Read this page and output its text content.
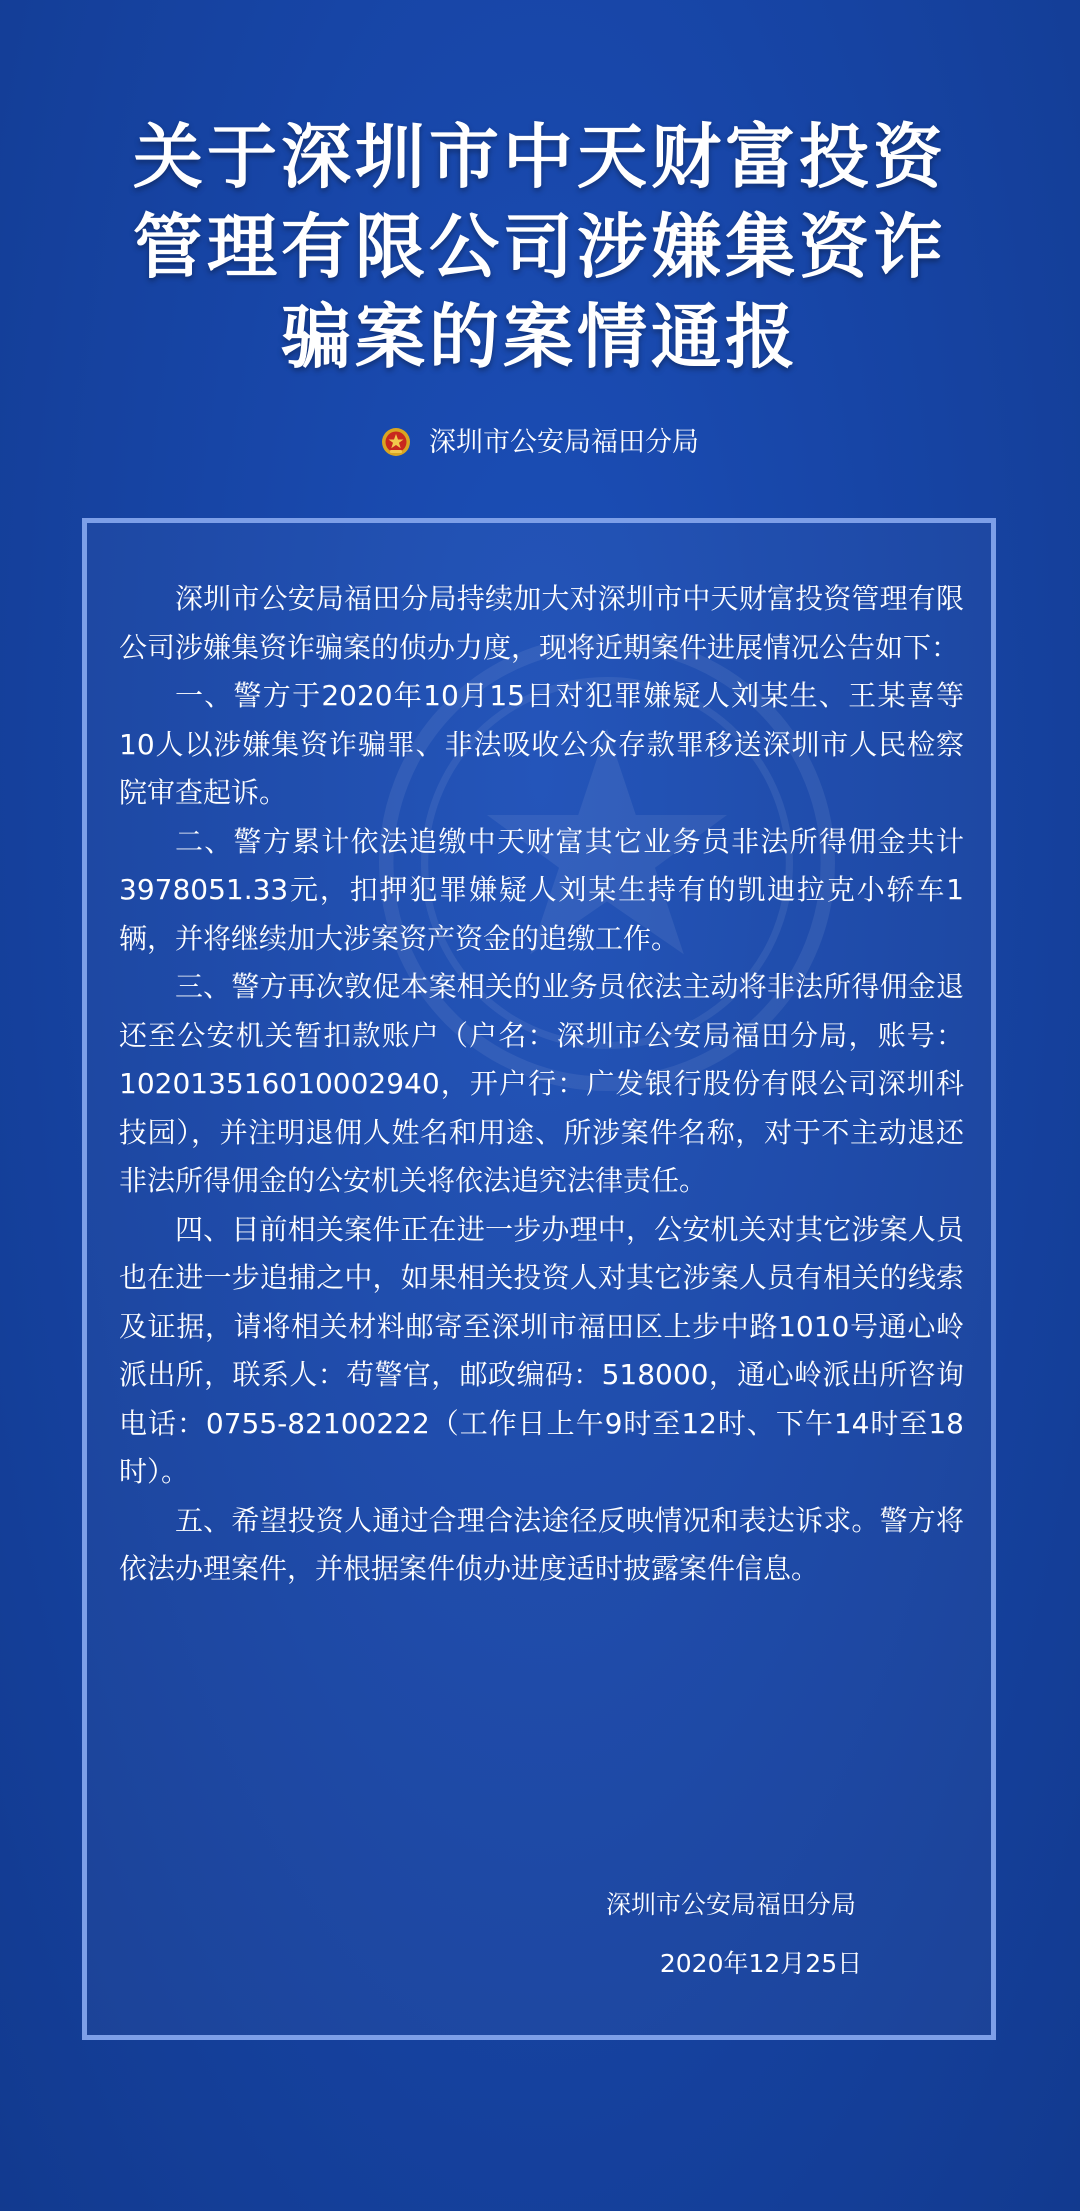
关于深圳市中天财富投资
管理有限公司涉嫌集资诈
骗案的案情通报
深圳市公安局福田分局

深圳市公安局福田分局持续加大对深圳市中天财富投资管理有限公司涉嫌集资诈骗案的侦办力度，现将近期案件进展情况公告如下：

一、警方于2020年10月15日对犯罪嫌疑人刘某生、王某喜等10人以涉嫌集资诈骗罪、非法吸收公众存款罪移送深圳市人民检察院审查起诉。

二、警方累计依法追缴中天财富其它业务员非法所得佣金共计3978051.33元，扣押犯罪嫌疑人刘某生持有的凯迪拉克小轿车1辆，并将继续加大涉案资产资金的追缴工作。

三、警方再次敦促本案相关的业务员依法主动将非法所得佣金退还至公安机关暂扣款账户（户名：深圳市公安局福田分局，账号：102013516010002940，开户行：广发银行股份有限公司深圳科技园），并注明退佣人姓名和用途、所涉案件名称，对于不主动退还非法所得佣金的公安机关将依法追究法律责任。

四、目前相关案件正在进一步办理中，公安机关对其它涉案人员也在进一步追捕之中，如果相关投资人对其它涉案人员有相关的线索及证据，请将相关材料邮寄至深圳市福田区上步中路1010号通心岭派出所，联系人：苟警官，邮政编码：518000，通心岭派出所咨询电话：0755-82100222（工作日上午9时至12时、下午14时至18时）。

五、希望投资人通过合理合法途径反映情况和表达诉求。警方将依法办理案件，并根据案件侦办进度适时披露案件信息。

深圳市公安局福田分局
2020年12月25日
